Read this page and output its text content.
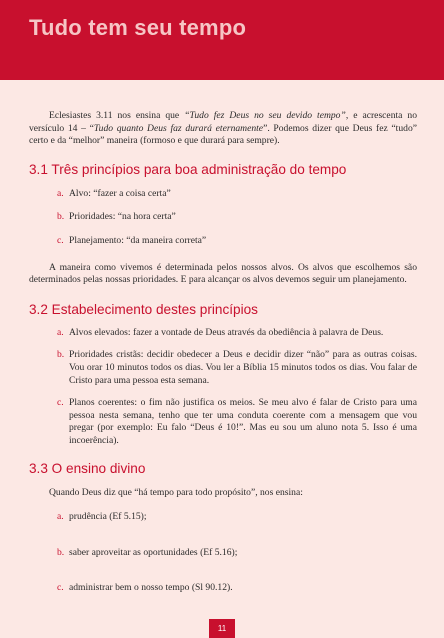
Tudo tem seu tempo

Eclesiastes 3.11 nos ensina que “Tudo fez Deus no seu devido tempo”, e acrescenta no versículo 14 – “Tudo quanto Deus faz durará eternamente”. Podemos dizer que Deus fez “tudo” certo e da “melhor” maneira (formoso e que durará para sempre).

3.1 Três princípios para boa administração do tempo
a. Alvo: “fazer a coisa certa”
b. Prioridades: “na hora certa”
c. Planejamento: “da maneira correta”

A maneira como vivemos é determinada pelos nossos alvos. Os alvos que escolhemos são determinados pelas nossas prioridades. E para alcançar os alvos devemos seguir um planejamento.

3.2 Estabelecimento destes princípios
a. Alvos elevados: fazer a vontade de Deus através da obediência à palavra de Deus.
b. Prioridades cristãs: decidir obedecer a Deus e decidir dizer “não” para as outras coisas. Vou orar 10 minutos todos os dias. Vou ler a Bíblia 15 minutos todos os dias. Vou falar de Cristo para uma pessoa esta semana.
c. Planos coerentes: o fim não justifica os meios. Se meu alvo é falar de Cristo para uma pessoa nesta semana, tenho que ter uma conduta coerente com a mensagem que vou pregar (por exemplo: Eu falo “Deus é 10!”. Mas eu sou um aluno nota 5. Isso é uma incoerência).
3.3 O ensino divino

Quando Deus diz que “há tempo para todo propósito”, nos ensina:

a. prudência (Ef 5.15);
b. saber aproveitar as oportunidades (Ef 5.16);
c. administrar bem o nosso tempo (Sl 90.12).
11
